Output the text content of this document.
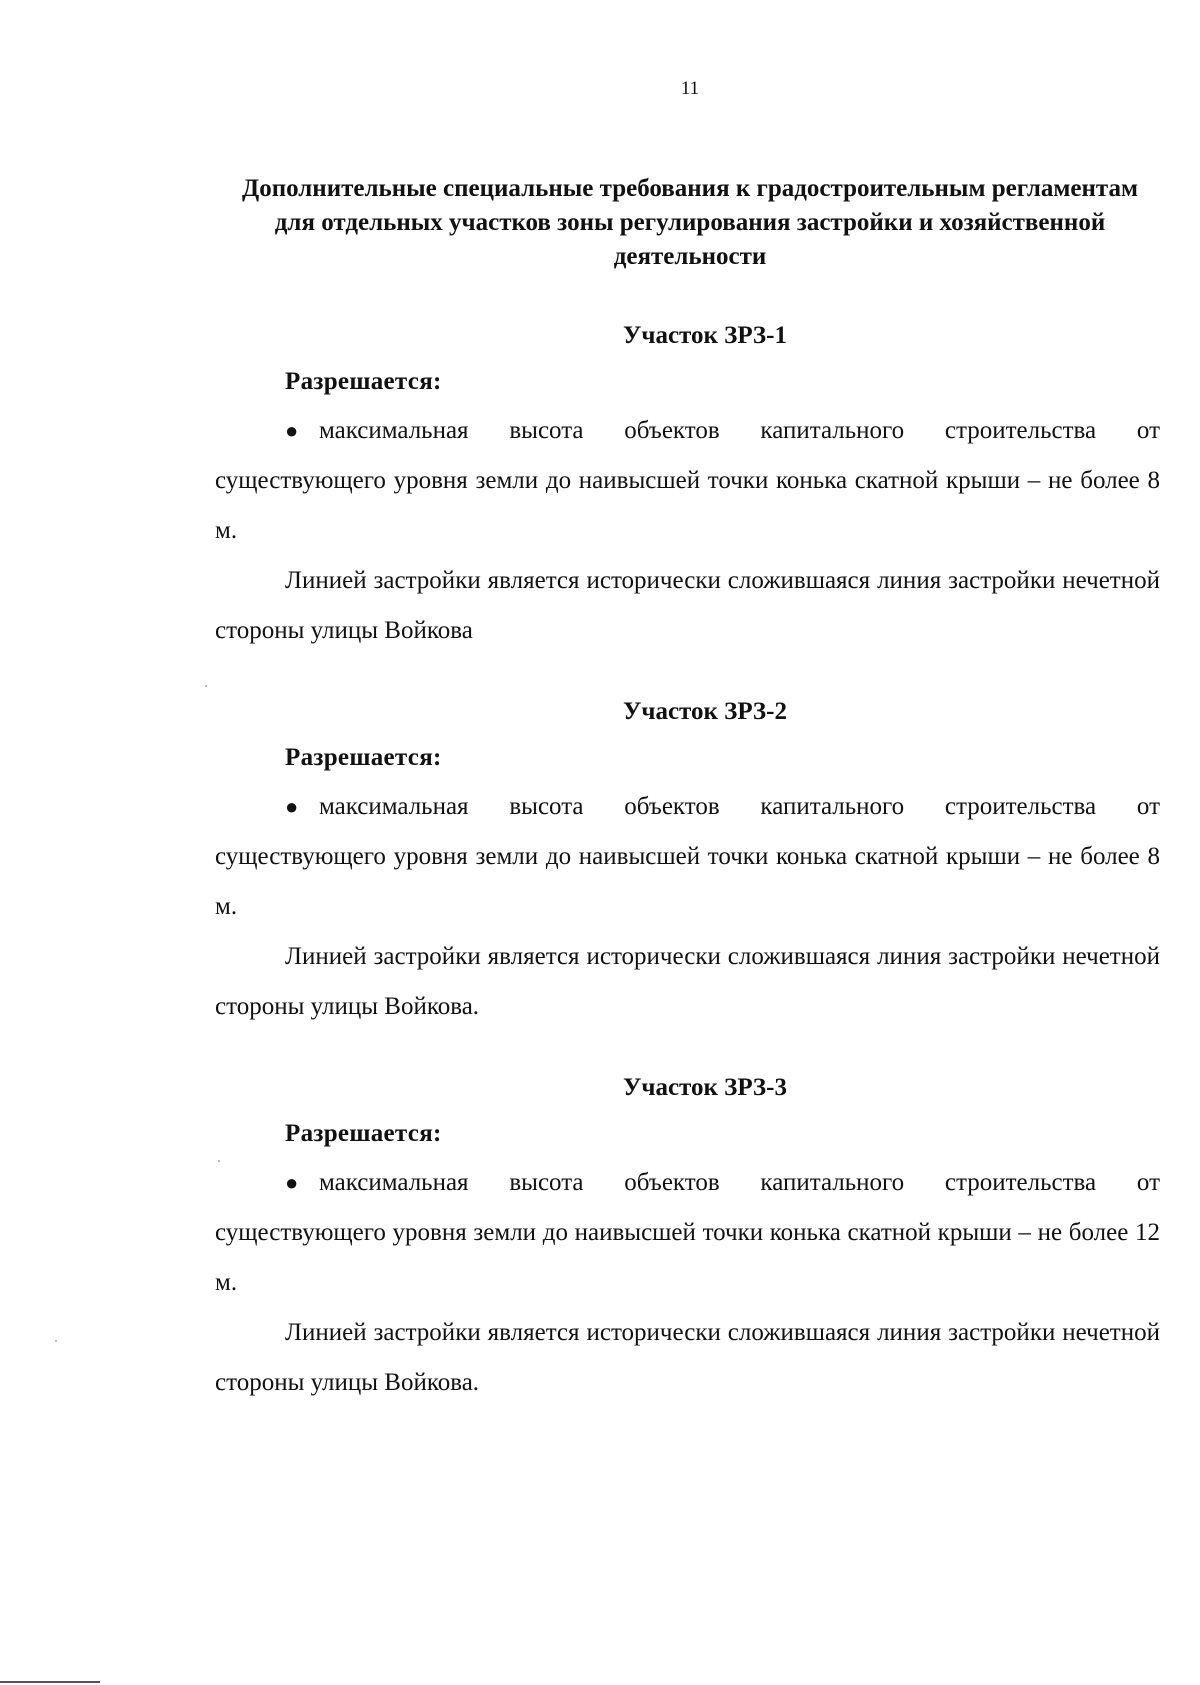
11
Дополнительные специальные требования к градостроительным регламентам для отдельных участков зоны регулирования застройки и хозяйственной деятельности

Участок ЗРЗ-1

Разрешается:

● максимальная высота объектов капитального строительства от существующего уровня земли до наивысшей точки конька скатной крыши – не более 8 м.

Линией застройки является исторически сложившаяся линия застройки нечетной стороны улицы Войкова

Участок ЗРЗ-2

Разрешается:

● максимальная высота объектов капитального строительства от существующего уровня земли до наивысшей точки конька скатной крыши – не более 8 м.

Линией застройки является исторически сложившаяся линия застройки нечетной стороны улицы Войкова.

Участок ЗРЗ-3

Разрешается:

● максимальная высота объектов капитального строительства от существующего уровня земли до наивысшей точки конька скатной крыши – не более 12 м.

Линией застройки является исторически сложившаяся линия застройки нечетной стороны улицы Войкова.
